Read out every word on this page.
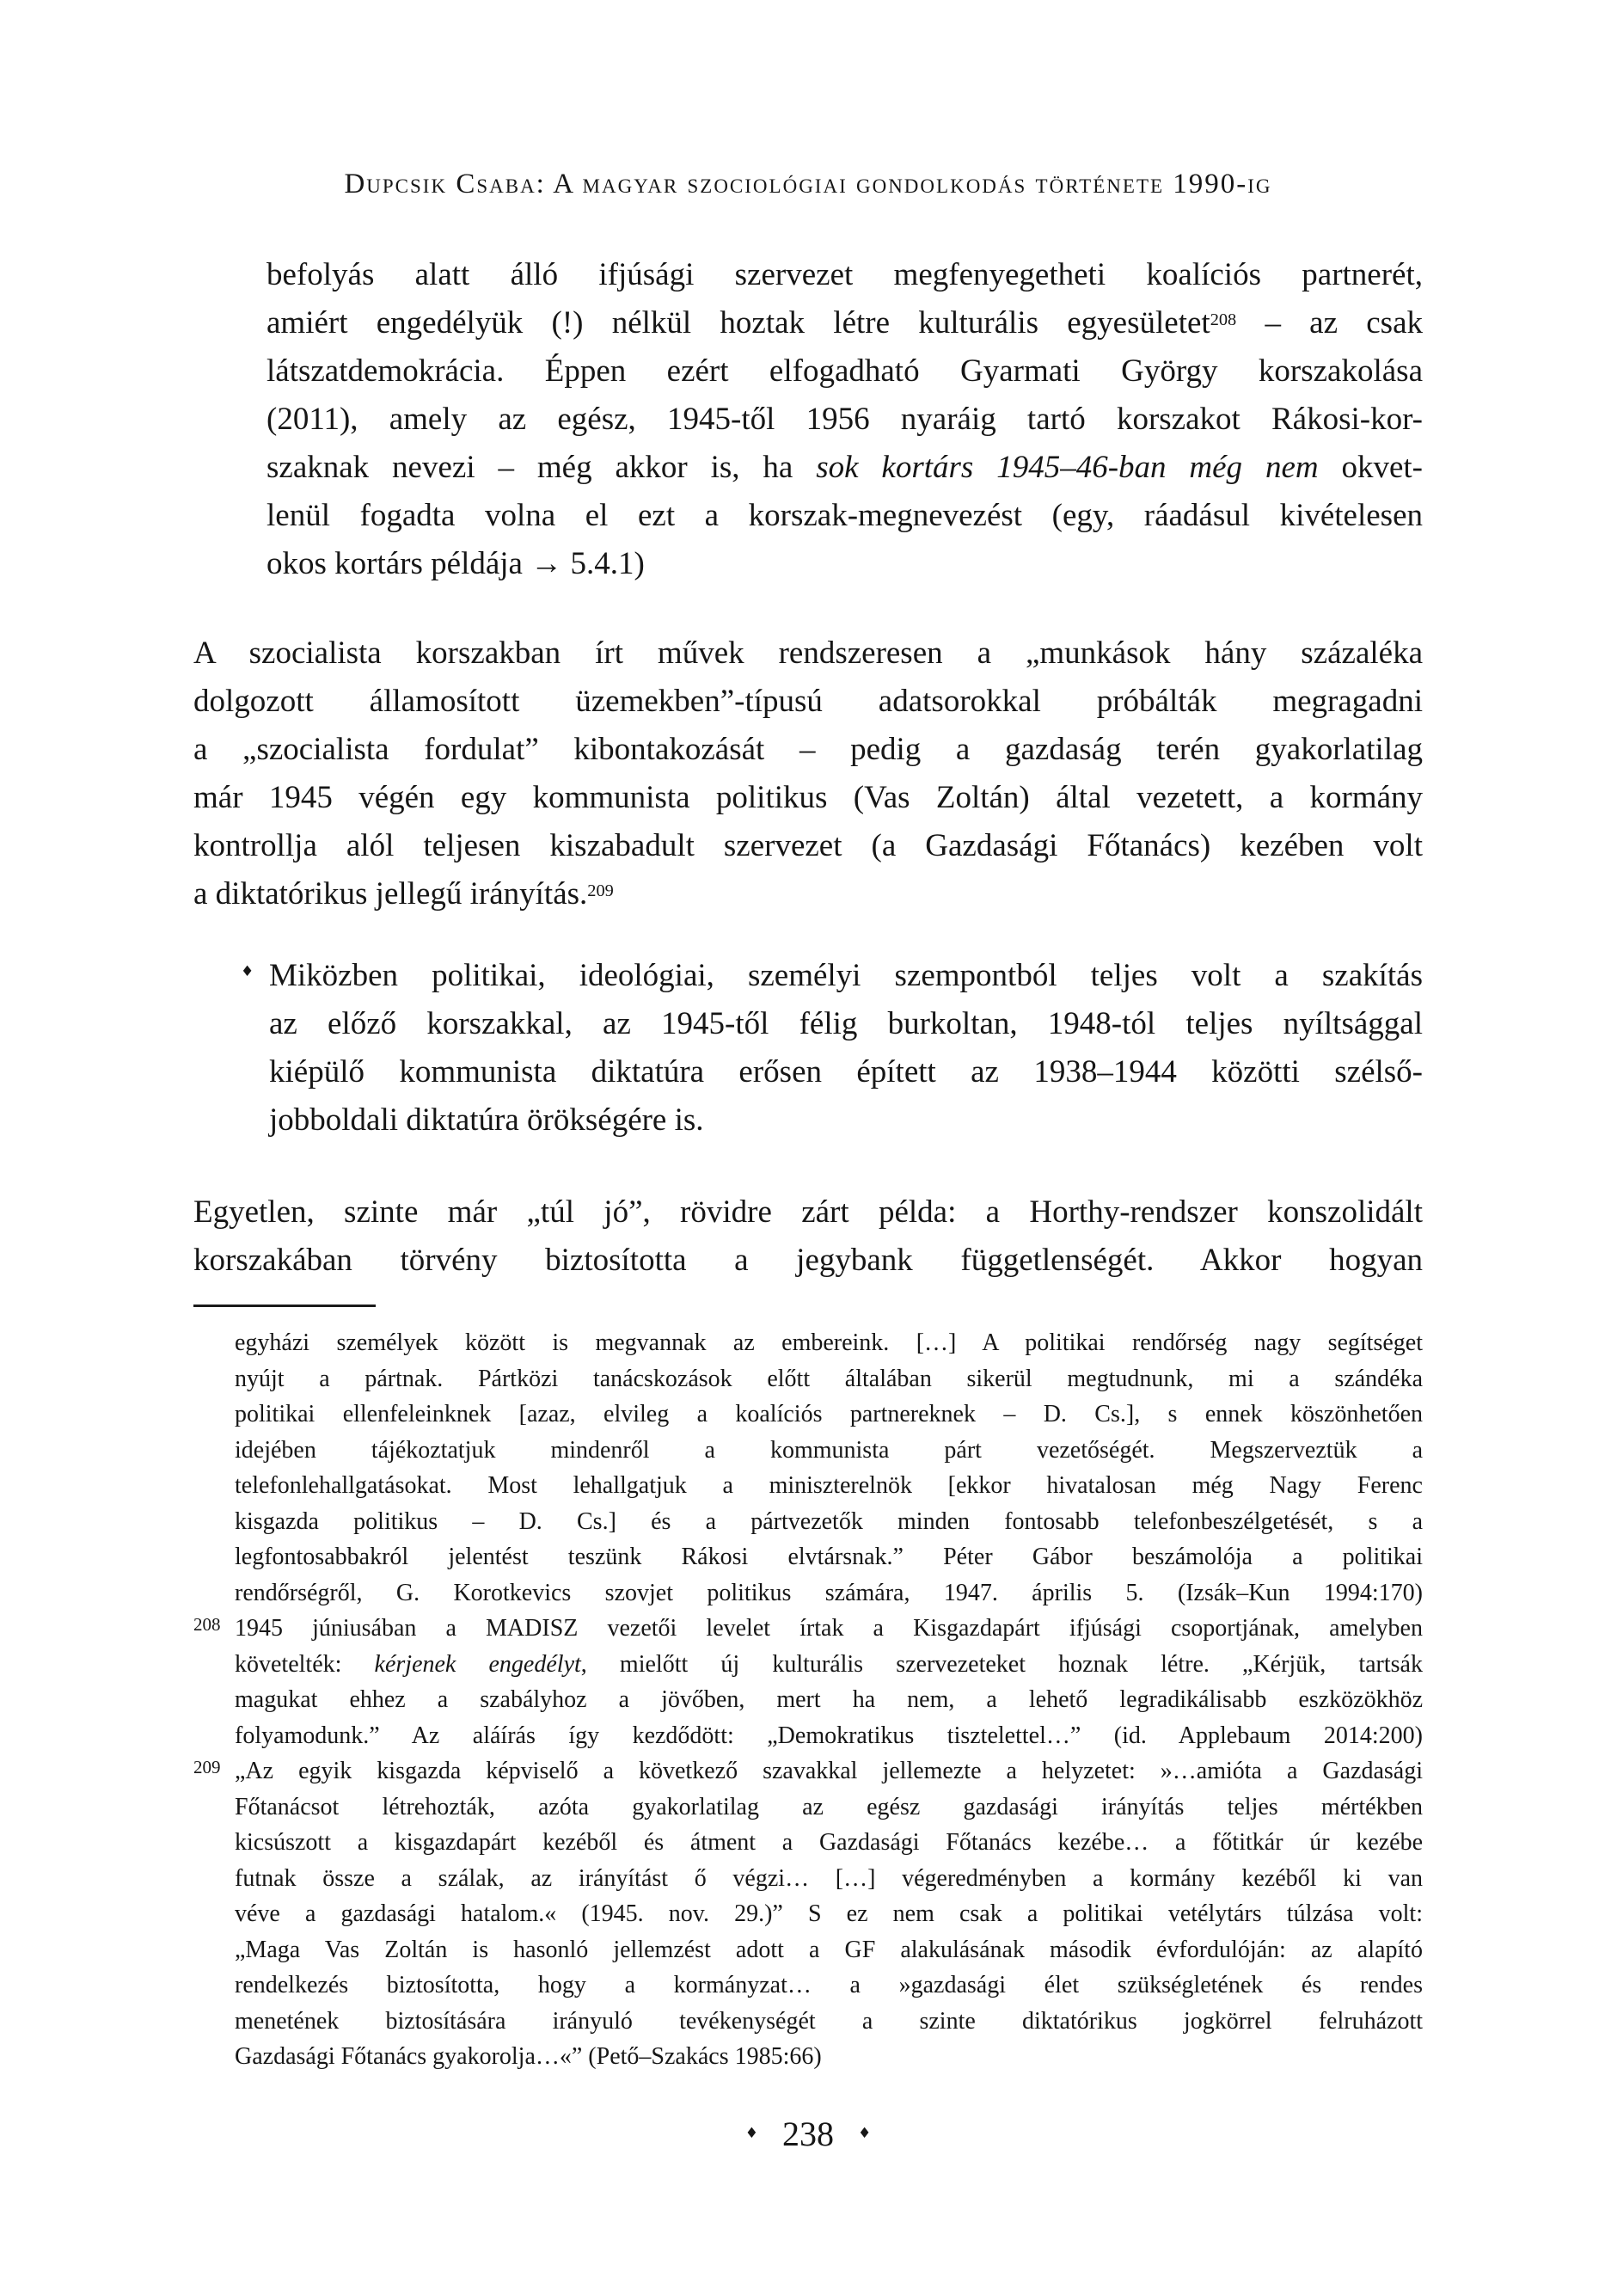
Dupcsik Csaba: A magyar szociológiai gondolkodás története 1990-ig
befolyás alatt álló ifjúsági szervezet megfenyegetheti koalíciós partnerét,
amiért engedélyük (!) nélkül hoztak létre kulturális egyesületet$^{208}$ – az csak
látszatdemokrácia. Éppen ezért elfogadható Gyarmati György korszakolása
(2011), amely az egész, 1945-től 1956 nyaráig tartó korszakot Rákosi-kor-
szaknak nevezi – még akkor is, ha sok kortárs 1945–46-ban még nem okvet-
lenül fogadta volna el ezt a korszak-megnevezést (egy, ráadásul kivételesen
okos kortárs példája → 5.4.1)
A szocialista korszakban írt művek rendszeresen a „munkások hány százaléka
dolgozott államosított üzemekben”-típusú adatsorokkal próbálták megragadni
a „szocialista fordulat” kibontakozását – pedig a gazdaság terén gyakorlatilag
már 1945 végén egy kommunista politikus (Vas Zoltán) által vezetett, a kormány
kontrollja alól teljesen kiszabadult szervezet (a Gazdasági Főtanács) kezében volt
a diktatórikus jellegű irányítás.$^{209}$
♦ Miközben politikai, ideológiai, személyi szempontból teljes volt a szakítás
az előző korszakkal, az 1945-től félig burkoltan, 1948-tól teljes nyíltsággal
kiépülő kommunista diktatúra erősen épített az 1938–1944 közötti szélső-
jobboldali diktatúra örökségére is.
Egyetlen, szinte már „túl jó”, rövidre zárt példa: a Horthy-rendszer konszolidált
korszakában törvény biztosította a jegybank függetlenségét. Akkor hogyan
egyházi személyek között is megvannak az embereink. […] A politikai rendőrség nagy segítséget
nyújt a pártnak. Pártközi tanácskozások előtt általában sikerül megtudnunk, mi a szándéka
politikai ellenfeleinknek [azaz, elvileg a koalíciós partnereknek – D. Cs.], s ennek köszönhetően
idejében tájékoztatjuk mindenről a kommunista párt vezetőségét. Megszerveztük a
telefonlehallgatásokat. Most lehallgatjuk a miniszterelnök [ekkor hivatalosan még Nagy Ferenc
kisgazda politikus – D. Cs.] és a pártvezetők minden fontosabb telefonbeszélgetését, s a
legfontosabbakról jelentést teszünk Rákosi elvtársnak.” Péter Gábor beszámolója a politikai
rendőrségről, G. Korotkevics szovjet politikus számára, 1947. április 5. (Izsák–Kun 1994:170)
208 1945 júniusában a MADISZ vezetői levelet írtak a Kisgazdapárt ifjúsági csoportjának, amelyben
követelték: kérjenek engedélyt, mielőtt új kulturális szervezeteket hoznak létre. „Kérjük, tartsák
magukat ehhez a szabályhoz a jövőben, mert ha nem, a lehető legradikálisabb eszközökhöz
folyamodunk.” Az aláírás így kezdődött: „Demokratikus tisztelettel…” (id. Applebaum 2014:200)
209 „Az egyik kisgazda képviselő a következő szavakkal jellemezte a helyzetet: »…amióta a Gazdasági
Főtanácsot létrehozták, azóta gyakorlatilag az egész gazdasági irányítás teljes mértékben
kicsúszott a kisgazdapárt kezéből és átment a Gazdasági Főtanács kezébe… a főtitkár úr kezébe
futnak össze a szálak, az irányítást ő végzi… […] végeredményben a kormány kezéből ki van
véve a gazdasági hatalom.« (1945. nov. 29.)” S ez nem csak a politikai vetélytárs túlzása volt:
„Maga Vas Zoltán is hasonló jellemzést adott a GF alakulásának második évfordulóján: az alapító
rendelkezés biztosította, hogy a kormányzat… a »gazdasági élet szükségletének és rendes
menetének biztosítására irányuló tevékenységét a szinte diktatórikus jogkörrel felruházott
Gazdasági Főtanács gyakorolja…«” (Pető–Szakács 1985:66)
♦ 238 ♦
